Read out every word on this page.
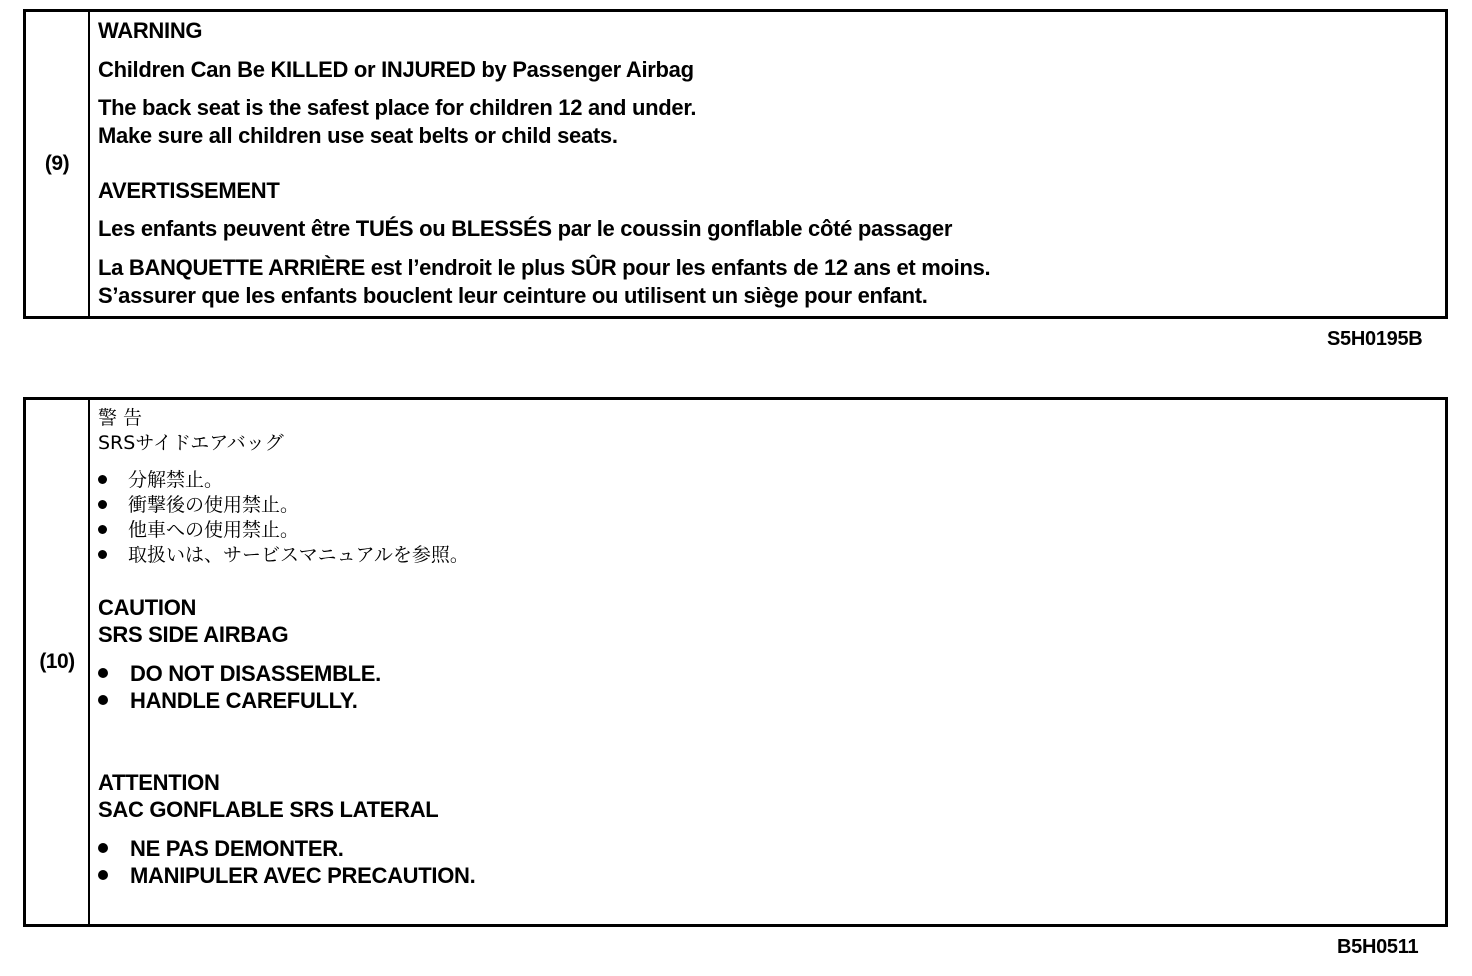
(9)
WARNING
Children Can Be KILLED or INJURED by Passenger Airbag
The back seat is the safest place for children 12 and under.
Make sure all children use seat belts or child seats.
AVERTISSEMENT
Les enfants peuvent être TUÉS ou BLESSÉS par le coussin gonflable côté passager
La BANQUETTE ARRIÈRE est l’endroit le plus SÛR pour les enfants de 12 ans et moins.
S’assurer que les enfants bouclent leur ceinture ou utilisent un siège pour enfant.
S5H0195B
(10)
警 告
SRSサイドエアバッグ
分解禁止。
衝撃後の使用禁止。
他車への使用禁止。
取扱いは、サービスマニュアルを参照。
CAUTION
SRS SIDE AIRBAG
DO NOT DISASSEMBLE.
HANDLE CAREFULLY.
ATTENTION
SAC GONFLABLE SRS LATERAL
NE PAS DEMONTER.
MANIPULER AVEC PRECAUTION.
B5H0511
